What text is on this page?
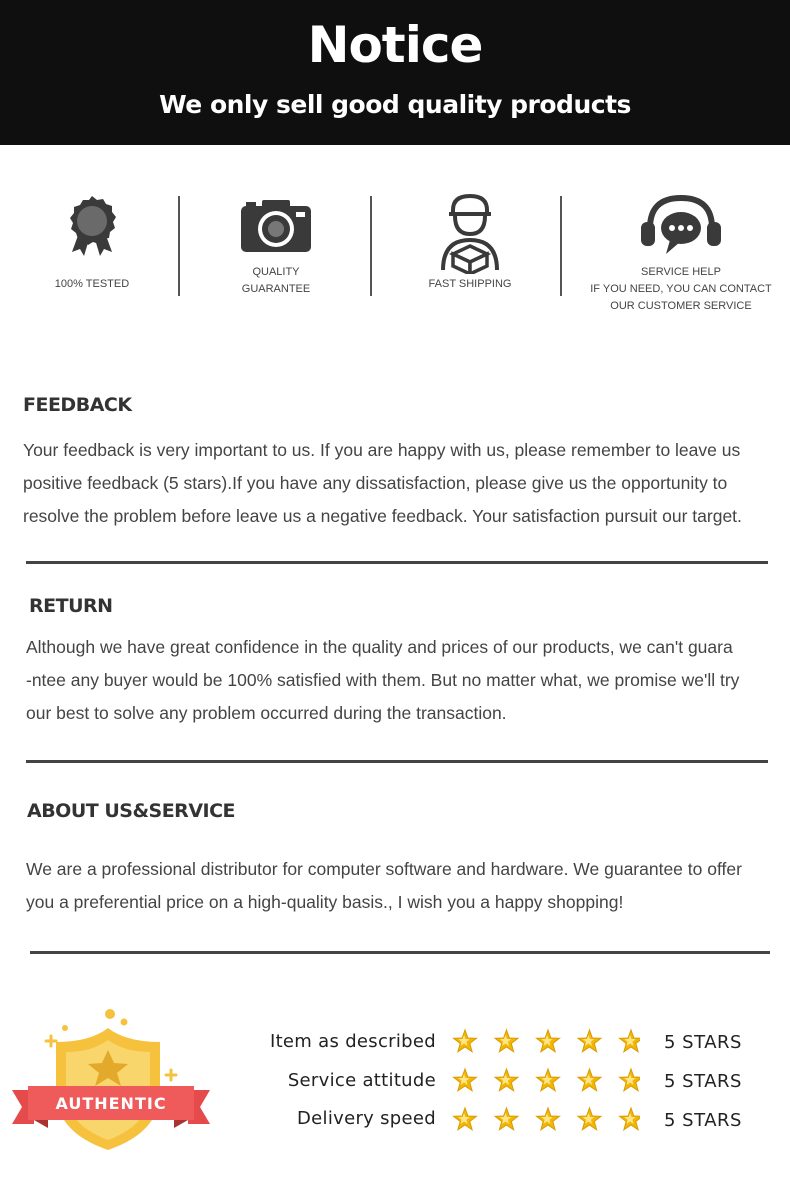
Notice
We only sell good quality products
100% TESTED
QUALITY
GUARANTEE	FAST SHIPPING
SERVICE HELP
IF YOU NEED, YOU CAN CONTACT
OUR CUSTOMER SERVICE
FEEDBACK
Your feedback is very important to us. If you are happy with us, please remember to leave us
positive feedback (5 stars).If you have any dissatisfaction, please give us the opportunity to
resolve the problem before leave us a negative feedback. Your satisfaction pursuit our target.
RETURN
Although we have great confidence in the quality and prices of our products, we can't guara
-ntee any buyer would be 100% satisfied with them. But no matter what, we promise we'll try
our best to solve any problem occurred during the transaction.
ABOUT US&SERVICE
We are a professional distributor for computer software and hardware. We guarantee to offer
you a preferential price on a high-quality basis., I wish you a happy shopping!
AUTHENTIC
Item as described	5 STARS
Service attitude	5 STARS
Delivery speed	5 STARS
